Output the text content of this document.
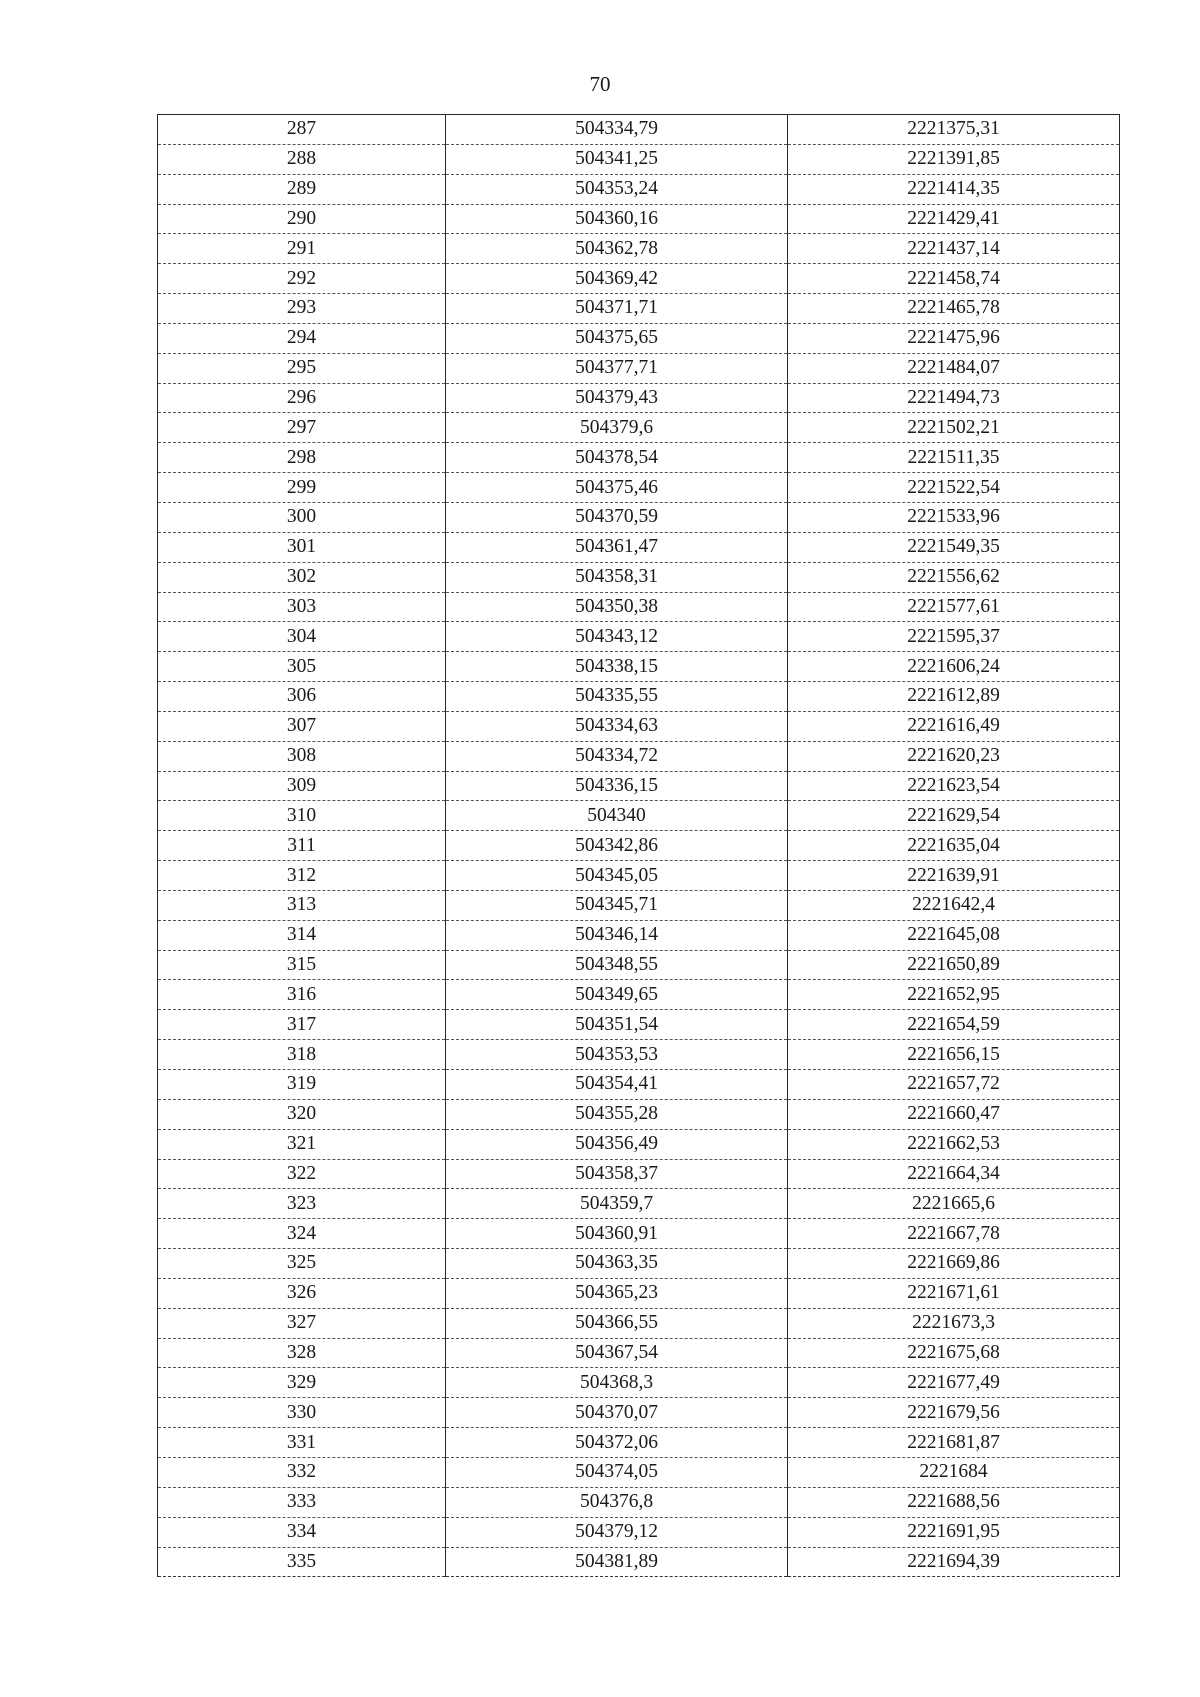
70
287	504334,79	2221375,31
288	504341,25	2221391,85
289	504353,24	2221414,35
290	504360,16	2221429,41
291	504362,78	2221437,14
292	504369,42	2221458,74
293	504371,71	2221465,78
294	504375,65	2221475,96
295	504377,71	2221484,07
296	504379,43	2221494,73
297	504379,6	2221502,21
298	504378,54	2221511,35
299	504375,46	2221522,54
300	504370,59	2221533,96
301	504361,47	2221549,35
302	504358,31	2221556,62
303	504350,38	2221577,61
304	504343,12	2221595,37
305	504338,15	2221606,24
306	504335,55	2221612,89
307	504334,63	2221616,49
308	504334,72	2221620,23
309	504336,15	2221623,54
310	504340	2221629,54
311	504342,86	2221635,04
312	504345,05	2221639,91
313	504345,71	2221642,4
314	504346,14	2221645,08
315	504348,55	2221650,89
316	504349,65	2221652,95
317	504351,54	2221654,59
318	504353,53	2221656,15
319	504354,41	2221657,72
320	504355,28	2221660,47
321	504356,49	2221662,53
322	504358,37	2221664,34
323	504359,7	2221665,6
324	504360,91	2221667,78
325	504363,35	2221669,86
326	504365,23	2221671,61
327	504366,55	2221673,3
328	504367,54	2221675,68
329	504368,3	2221677,49
330	504370,07	2221679,56
331	504372,06	2221681,87
332	504374,05	2221684
333	504376,8	2221688,56
334	504379,12	2221691,95
335	504381,89	2221694,39
